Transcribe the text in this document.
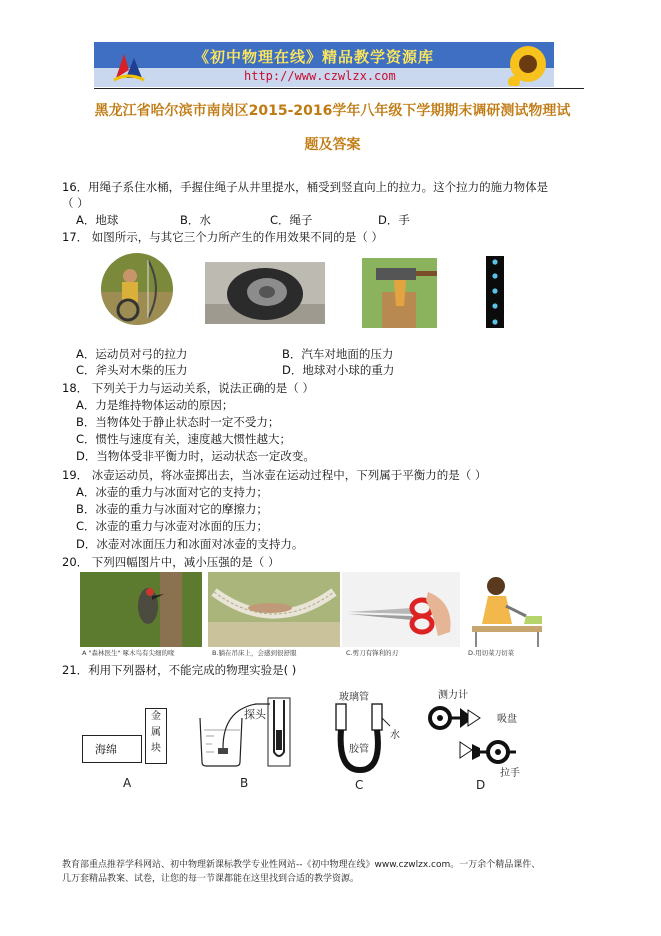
《初中物理在线》精品教学资源库
http://www.czwlzx.com
黑龙江省哈尔滨市南岗区2015-2016学年八年级下学期期末调研测试物理试
题及答案
16．用绳子系住水桶，手握住绳子从井里提水，桶受到竖直向上的拉力。这个拉力的施力物体是
（ ）
A．地球	B．水	C．绳子	D．手
17． 如图所示，与其它三个力所产生的作用效果不同的是（ ）
A．运动员对弓的拉力	B．汽车对地面的压力
C．斧头对木柴的压力	D．地球对小球的重力
18． 下列关于力与运动关系，说法正确的是（ ）
A．力是维持物体运动的原因；
B．当物体处于静止状态时一定不受力；
C．惯性与速度有关，速度越大惯性越大；
D．当物体受非平衡力时，运动状态一定改变。
19． 冰壶运动员，将冰壶掷出去，当冰壶在运动过程中，下列属于平衡力的是（ ）
A．冰壶的重力与冰面对它的支持力；
B．冰壶的重力与冰面对它的摩擦力；
C．冰壶的重力与冰壶对冰面的压力；
D．冰壶对冰面压力和冰面对冰壶的支持力。
20． 下列四幅图片中，减小压强的是（ ）
A "森林医生" 啄木鸟有尖细的喙	B.躺在吊床上，会感到很舒服	C.剪刀有锋利的刃	D.用切菜刀切菜
21．利用下列器材，不能完成的物理实验是( )
海绵
金
属
块
A
探头
B
玻璃管
水
胶管
C
测力计
吸盘
拉手
D
教育部重点推荐学科网站、初中物理新课标教学专业性网站--《初中物理在线》www.czwlzx.com。一万余个精品课件、
几万套精品教案、试卷，让您的每一节课都能在这里找到合适的教学资源。
